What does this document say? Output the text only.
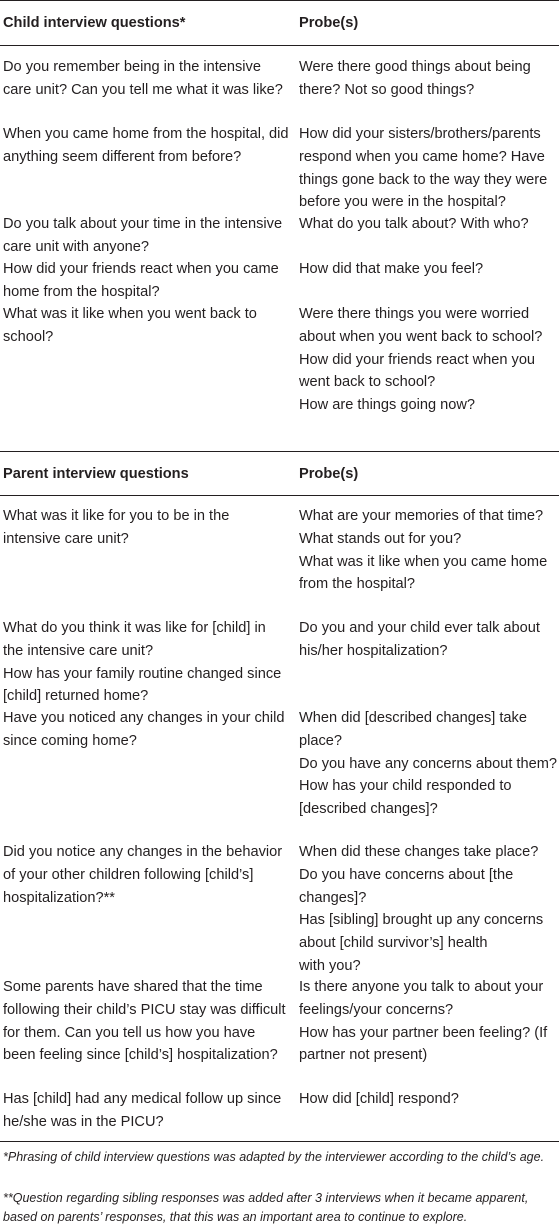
Child interview questions*	Probe(s)
Do you remember being in the intensive care unit? Can you tell me what it was like?
Were there good things about being there? Not so good things?
When you came home from the hospital, did anything seem different from before?
How did your sisters/brothers/parents respond when you came home? Have things gone back to the way they were before you were in the hospital?
Do you talk about your time in the intensive care unit with anyone?
What do you talk about? With who?
How did your friends react when you came home from the hospital?
How did that make you feel?
What was it like when you went back to school?
Were there things you were worried about when you went back to school?
How did your friends react when you went back to school?
How are things going now?
Parent interview questions	Probe(s)
What was it like for you to be in the intensive care unit?
What are your memories of that time?
What stands out for you?
What was it like when you came home from the hospital?
What do you think it was like for [child] in the intensive care unit?
How has your family routine changed since [child] returned home?
Do you and your child ever talk about his/her hospitalization?
Have you noticed any changes in your child since coming home?
When did [described changes] take place?
Do you have any concerns about them?
How has your child responded to [described changes]?
Did you notice any changes in the behavior of your other children following [child’s] hospitalization?**
When did these changes take place?
Do you have concerns about [the changes]?
Has [sibling] brought up any concerns about [child survivor’s] health
with you?
Some parents have shared that the time following their child’s PICU stay was difficult for them. Can you tell us how you have been feeling since [child’s] hospitalization?
Is there anyone you talk to about your feelings/your concerns?
How has your partner been feeling? (If partner not present)
Has [child] had any medical follow up since he/she was in the PICU?
How did [child] respond?
*Phrasing of child interview questions was adapted by the interviewer according to the child’s age.
**Question regarding sibling responses was added after 3 interviews when it became apparent, based on parents’ responses, that this was an important area to continue to explore.
